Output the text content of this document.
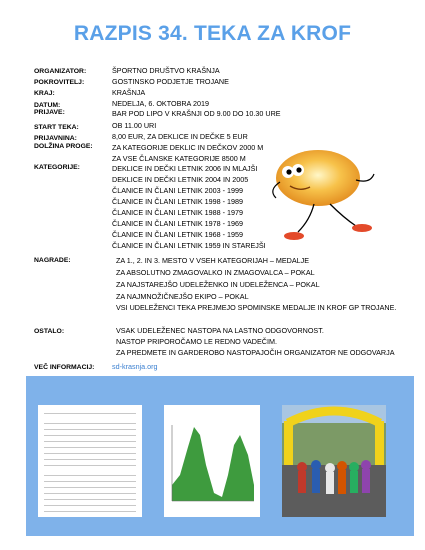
RAZPIS 34. TEKA ZA KROF
ORGANIZATOR:	ŠPORTNO DRUŠTVO KRAŠNJA
POKROVITELJ:	GOSTINSKO PODJETJE TROJANE
KRAJ:	KRAŠNJA
DATUM:	NEDELJA, 6. OKTOBRA 2019
PRIJAVE:	BAR POD LIPO V KRAŠNJI OD 9.00 DO 10.30 URE
START TEKA:	OB 11.00 URI
PRIJAVNINA:	8,00 EUR, ZA DEKLICE IN DEČKE 5 EUR
DOLŽINA PROGE:	ZA KATEGORIJE DEKLIC IN DEČKOV 2000 M
ZA VSE ČLANSKE KATEGORIJE 8500 M
KATEGORIJE:	DEKLICE IN DEČKI LETNIK 2006 IN MLAJŠI
DEKLICE IN DEČKI LETNIK 2004 IN 2005
ČLANICE IN ČLANI LETNIK 2003 - 1999
ČLANICE IN ČLANI LETNIK 1998 - 1989
ČLANICE IN ČLANI LETNIK 1988 - 1979
ČLANICE IN ČLANI LETNIK 1978 - 1969
ČLANICE IN ČLANI LETNIK 1968 - 1959
ČLANICE IN ČLANI LETNIK 1959 IN STAREJŠI
NAGRADE:	ZA 1., 2. IN 3. MESTO V VSEH KATEGORIJAH – MEDALJE
ZA ABSOLUTNO ZMAGOVALKO IN ZMAGOVALCA – POKAL
ZA NAJSTAREJŠO UDELEŽENKO IN UDELEŽENCA – POKAL
ZA NAJMNOŽIČNEJŠO EKIPO – POKAL
VSI UDELEŽENCI TEKA PREJMEJO SPOMINSKE MEDALJE IN KROF GP TROJANE.
OSTALO:	VSAK UDELEŽENEC NASTOPA NA LASTNO ODGOVORNOST.
NASTOP PRIPOROČAMO LE REDNO VADEČIM.
ZA PREDMETE IN GARDEROBO NASTOPAJOČIH ORGANIZATOR NE ODGOVARJA
VEČ INFORMACIJ: sd-krasnja.org
